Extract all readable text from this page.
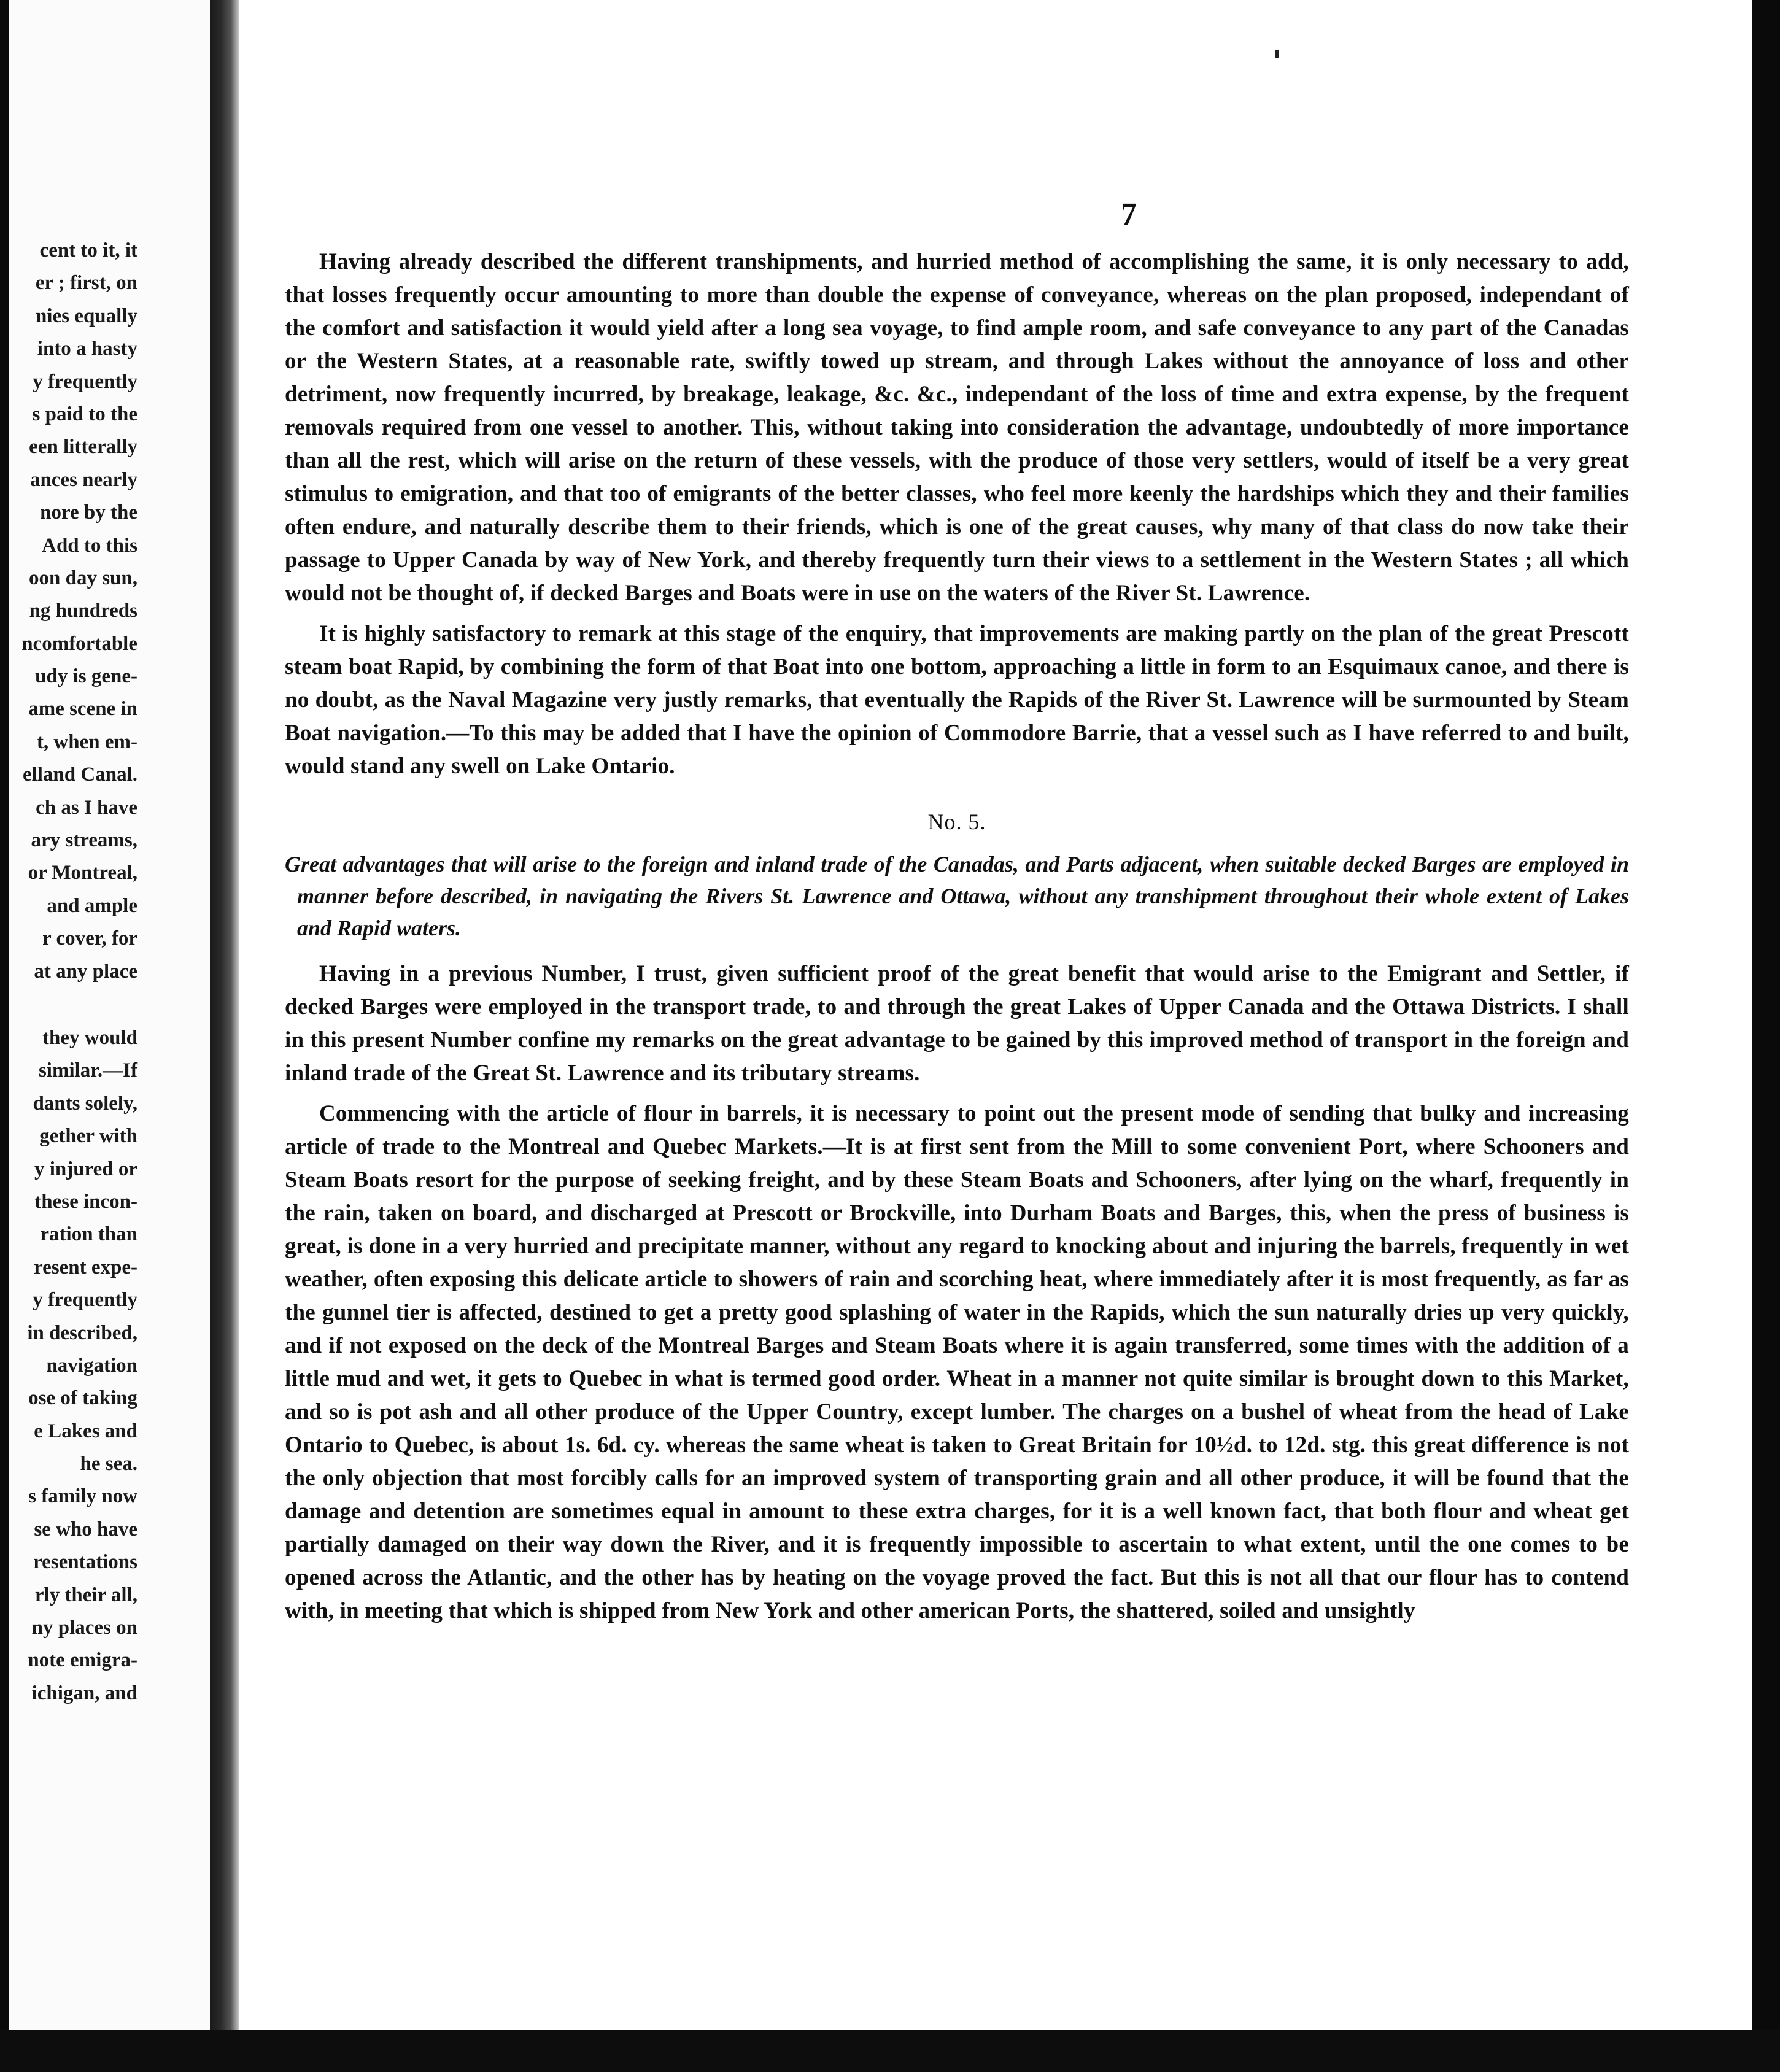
cent to it, it
er ; first, on
nies equally
into a hasty
y frequently
s paid to the
een litterally
ances nearly
nore by the
Add to this
oon day sun,
ng hundreds
ncomfortable
udy is gene-
ame scene in
t, when em-
elland Canal.
ch as I have
ary streams,
or Montreal,
and ample
r cover, for
at any place
they would
similar.—If
dants solely,
gether with
y injured or
these incon-
ration than
resent expe-
y frequently
in described,
navigation
ose of taking
e Lakes and
he sea.
s family now
se who have
resentations
rly their all,
ny places on
note emigra-
ichigan, and
7

Having already described the different transhipments, and hurried method of accomplishing the same, it is only necessary to add, that losses frequently occur amounting to more than double the expense of conveyance, whereas on the plan proposed, independant of the comfort and satisfaction it would yield after a long sea voyage, to find ample room, and safe conveyance to any part of the Canadas or the Western States, at a reasonable rate, swiftly towed up stream, and through Lakes without the annoyance of loss and other detriment, now frequently incurred, by breakage, leakage, &c. &c., independant of the loss of time and extra expense, by the frequent removals required from one vessel to another. This, without taking into consideration the advantage, undoubtedly of more importance than all the rest, which will arise on the return of these vessels, with the produce of those very settlers, would of itself be a very great stimulus to emigration, and that too of emigrants of the better classes, who feel more keenly the hardships which they and their families often endure, and naturally describe them to their friends, which is one of the great causes, why many of that class do now take their passage to Upper Canada by way of New York, and thereby frequently turn their views to a settlement in the Western States ; all which would not be thought of, if decked Barges and Boats were in use on the waters of the River St. Lawrence.

It is highly satisfactory to remark at this stage of the enquiry, that improvements are making partly on the plan of the great Prescott steam boat Rapid, by combining the form of that Boat into one bottom, approaching a little in form to an Esquimaux canoe, and there is no doubt, as the Naval Magazine very justly remarks, that eventually the Rapids of the River St. Lawrence will be surmounted by Steam Boat navigation.—To this may be added that I have the opinion of Commodore Barrie, that a vessel such as I have referred to and built, would stand any swell on Lake Ontario.

No. 5.
Great advantages that will arise to the foreign and inland trade of the Canadas, and Parts adjacent, when suitable decked Barges are employed in manner before described, in navigating the Rivers St. Lawrence and Ottawa, without any transhipment throughout their whole extent of Lakes and Rapid waters.

Having in a previous Number, I trust, given sufficient proof of the great benefit that would arise to the Emigrant and Settler, if decked Barges were employed in the transport trade, to and through the great Lakes of Upper Canada and the Ottawa Districts. I shall in this present Number confine my remarks on the great advantage to be gained by this improved method of transport in the foreign and inland trade of the Great St. Lawrence and its tributary streams.

Commencing with the article of flour in barrels, it is necessary to point out the present mode of sending that bulky and increasing article of trade to the Montreal and Quebec Markets.—It is at first sent from the Mill to some convenient Port, where Schooners and Steam Boats resort for the purpose of seeking freight, and by these Steam Boats and Schooners, after lying on the wharf, frequently in the rain, taken on board, and discharged at Prescott or Brockville, into Durham Boats and Barges, this, when the press of business is great, is done in a very hurried and precipitate manner, without any regard to knocking about and injuring the barrels, frequently in wet weather, often exposing this delicate article to showers of rain and scorching heat, where immediately after it is most frequently, as far as the gunnel tier is affected, destined to get a pretty good splashing of water in the Rapids, which the sun naturally dries up very quickly, and if not exposed on the deck of the Montreal Barges and Steam Boats where it is again transferred, some times with the addition of a little mud and wet, it gets to Quebec in what is termed good order. Wheat in a manner not quite similar is brought down to this Market, and so is pot ash and all other produce of the Upper Country, except lumber. The charges on a bushel of wheat from the head of Lake Ontario to Quebec, is about 1s. 6d. cy. whereas the same wheat is taken to Great Britain for 10½d. to 12d. stg. this great difference is not the only objection that most forcibly calls for an improved system of transporting grain and all other produce, it will be found that the damage and detention are sometimes equal in amount to these extra charges, for it is a well known fact, that both flour and wheat get partially damaged on their way down the River, and it is frequently impossible to ascertain to what extent, until the one comes to be opened across the Atlantic, and the other has by heating on the voyage proved the fact. But this is not all that our flour has to contend with, in meeting that which is shipped from New York and other american Ports, the shattered, soiled and unsightly
